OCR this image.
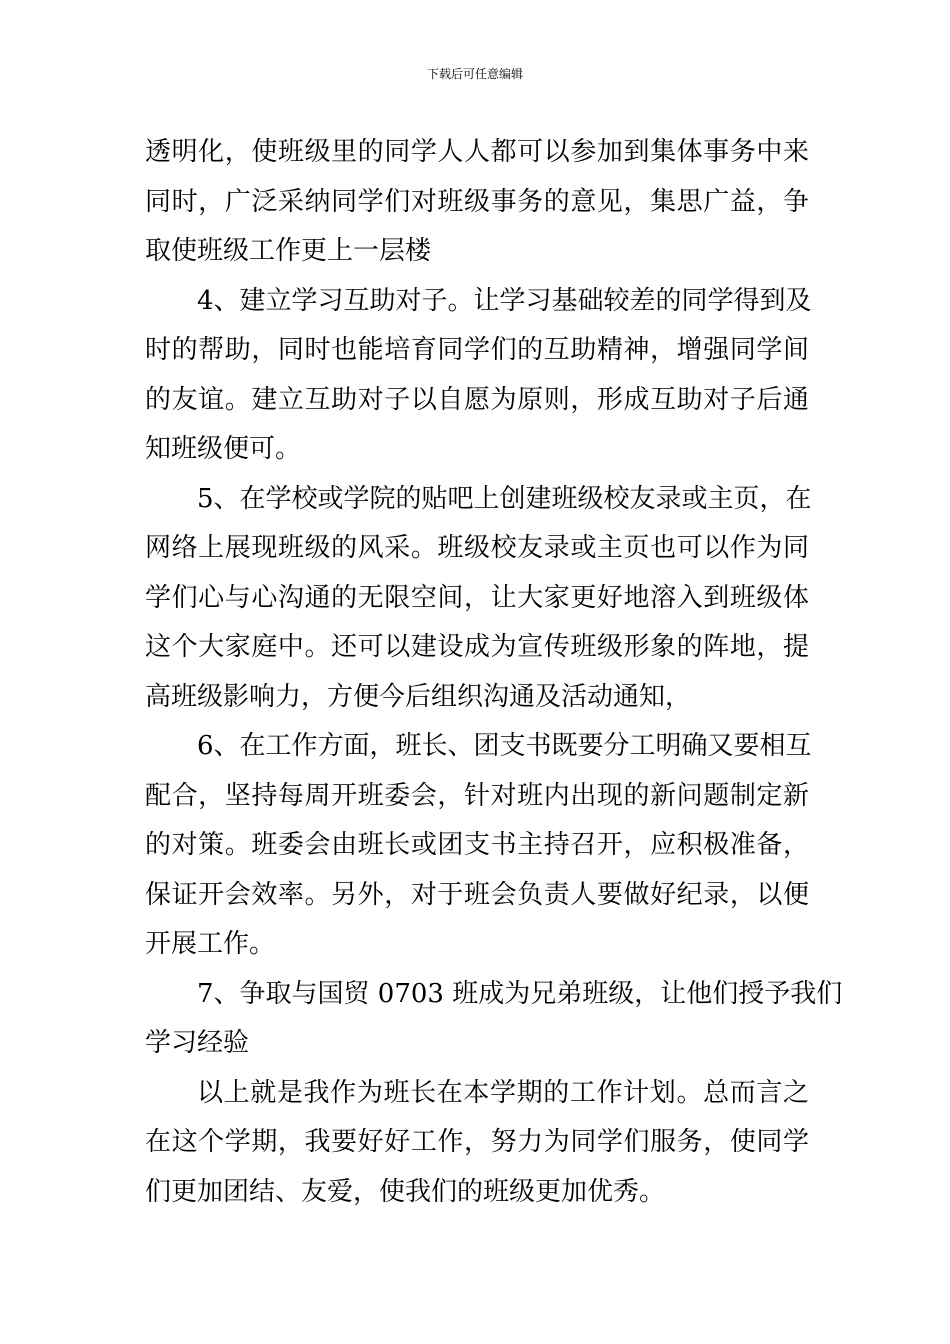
下载后可任意编辑
透明化，使班级里的同学人人都可以参加到集体事务中来
同时，广泛采纳同学们对班级事务的意见，集思广益，争
取使班级工作更上一层楼
4、建立学习互助对子。让学习基础较差的同学得到及
时的帮助，同时也能培育同学们的互助精神，增强同学间
的友谊。建立互助对子以自愿为原则，形成互助对子后通
知班级便可。
5、在学校或学院的贴吧上创建班级校友录或主页，在
网络上展现班级的风采。班级校友录或主页也可以作为同
学们心与心沟通的无限空间，让大家更好地溶入到班级体
这个大家庭中。还可以建设成为宣传班级形象的阵地，提
高班级影响力，方便今后组织沟通及活动通知，
6、在工作方面，班长、团支书既要分工明确又要相互
配合，坚持每周开班委会，针对班内出现的新问题制定新
的对策。班委会由班长或团支书主持召开，应积极准备，
保证开会效率。另外，对于班会负责人要做好纪录，以便
开展工作。
7、争取与国贸 0703 班成为兄弟班级，让他们授予我们
学习经验
以上就是我作为班长在本学期的工作计划。总而言之
在这个学期，我要好好工作，努力为同学们服务，使同学
们更加团结、友爱，使我们的班级更加优秀。
